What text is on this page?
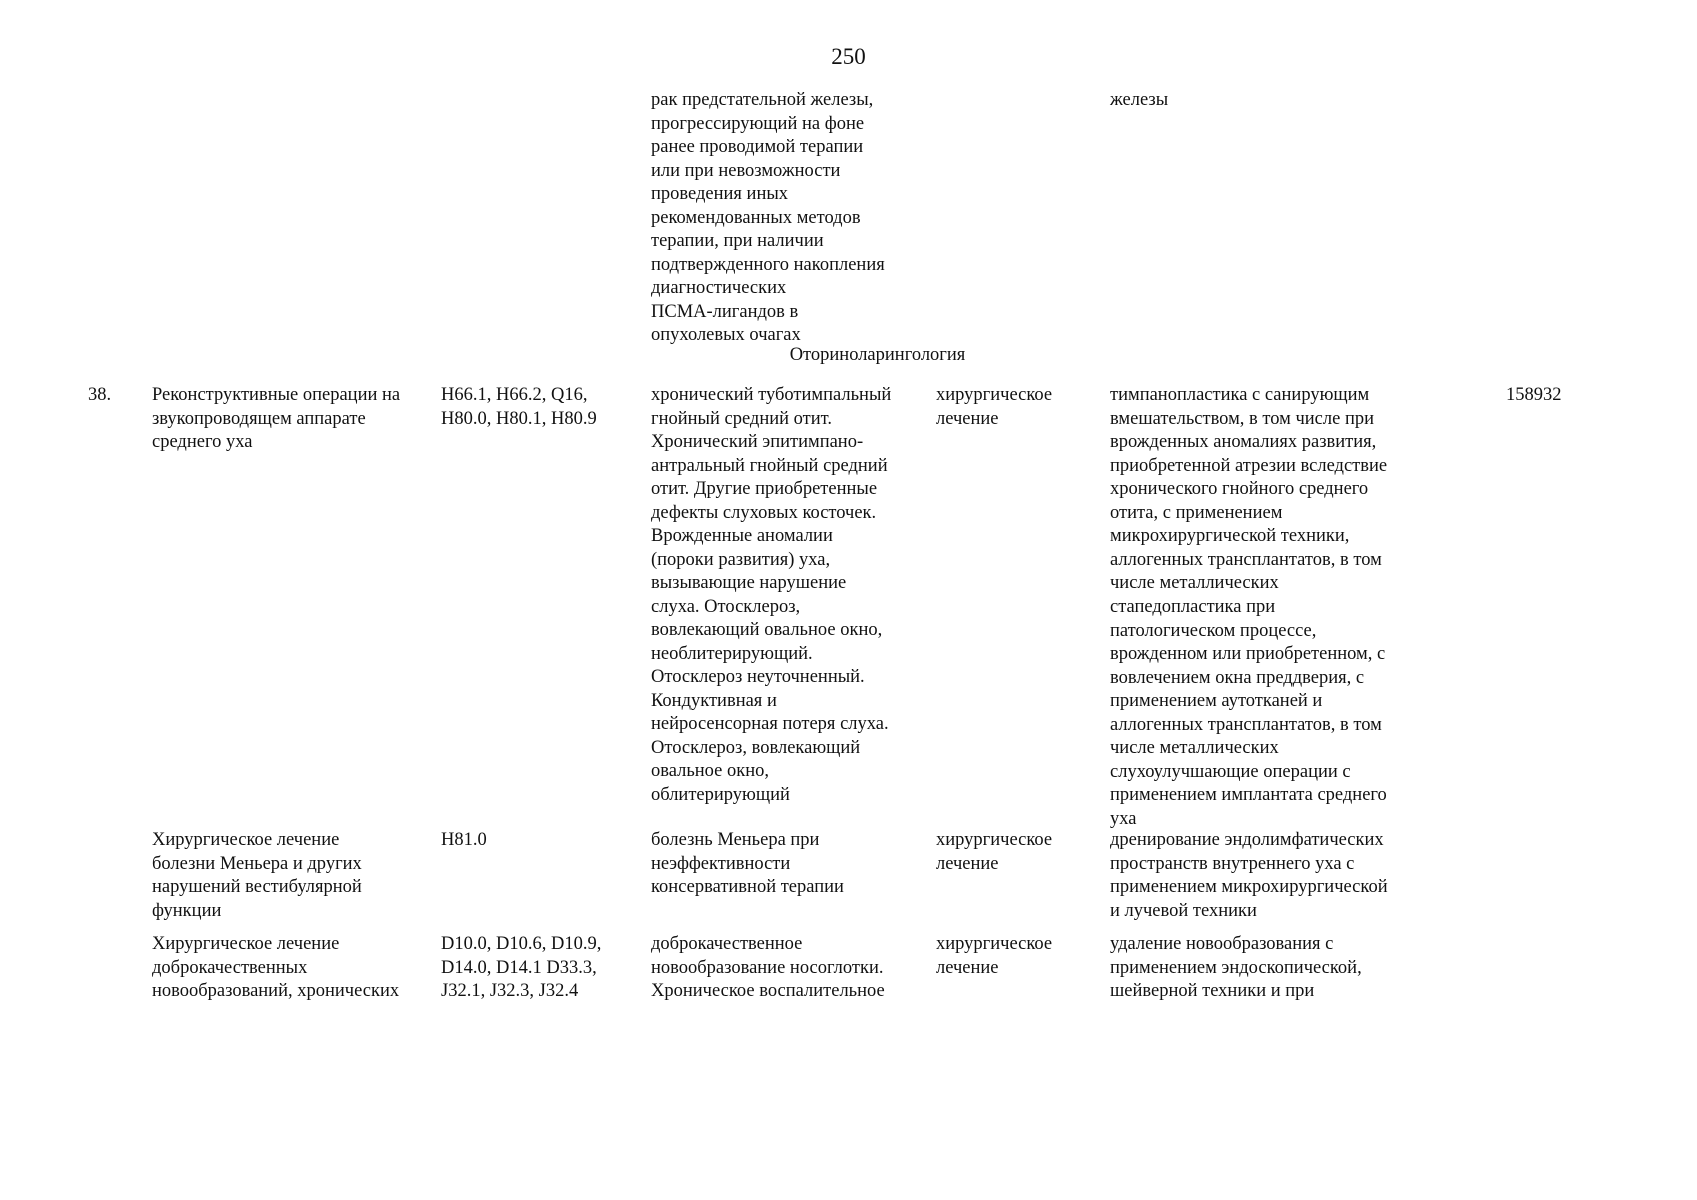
250
рак предстательной железы,
прогрессирующий на фоне
ранее проводимой терапии
или при невозможности
проведения иных
рекомендованных методов
терапии, при наличии
подтвержденного накопления
диагностических
ПСМА-лигандов в
опухолевых очагах
железы
Оториноларингология
38.	Реконструктивные операции на
звукопроводящем аппарате
среднего уха
H66.1, H66.2, Q16,
H80.0, H80.1, H80.9
хронический туботимпальный
гнойный средний отит.
Хронический эпитимпано-
антральный гнойный средний
отит. Другие приобретенные
дефекты слуховых косточек.
Врожденные аномалии
(пороки развития) уха,
вызывающие нарушение
слуха. Отосклероз,
вовлекающий овальное окно,
необлитерирующий.
Отосклероз неуточненный.
Кондуктивная и
нейросенсорная потеря слуха.
Отосклероз, вовлекающий
овальное окно,
облитерирующий
хирургическое
лечение
тимпанопластика с санирующим
вмешательством, в том числе при
врожденных аномалиях развития,
приобретенной атрезии вследствие
хронического гнойного среднего
отита, с применением
микрохирургической техники,
аллогенных трансплантатов, в том
числе металлических
стапедопластика при
патологическом процессе,
врожденном или приобретенном, с
вовлечением окна преддверия, с
применением аутотканей и
аллогенных трансплантатов, в том
числе металлических
слухоулучшающие операции с
применением имплантата среднего
уха
158932
Хирургическое лечение
болезни Меньера и других
нарушений вестибулярной
функции
H81.0	болезнь Меньера при
неэффективности
консервативной терапии
хирургическое
лечение
дренирование эндолимфатических
пространств внутреннего уха с
применением микрохирургической
и лучевой техники
Хирургическое лечение
доброкачественных
новообразований, хронических
D10.0, D10.6, D10.9,
D14.0, D14.1 D33.3,
J32.1, J32.3, J32.4
доброкачественное
новообразование носоглотки.
Хроническое воспалительное
хирургическое
лечение
удаление новообразования с
применением эндоскопической,
шейверной техники и при
